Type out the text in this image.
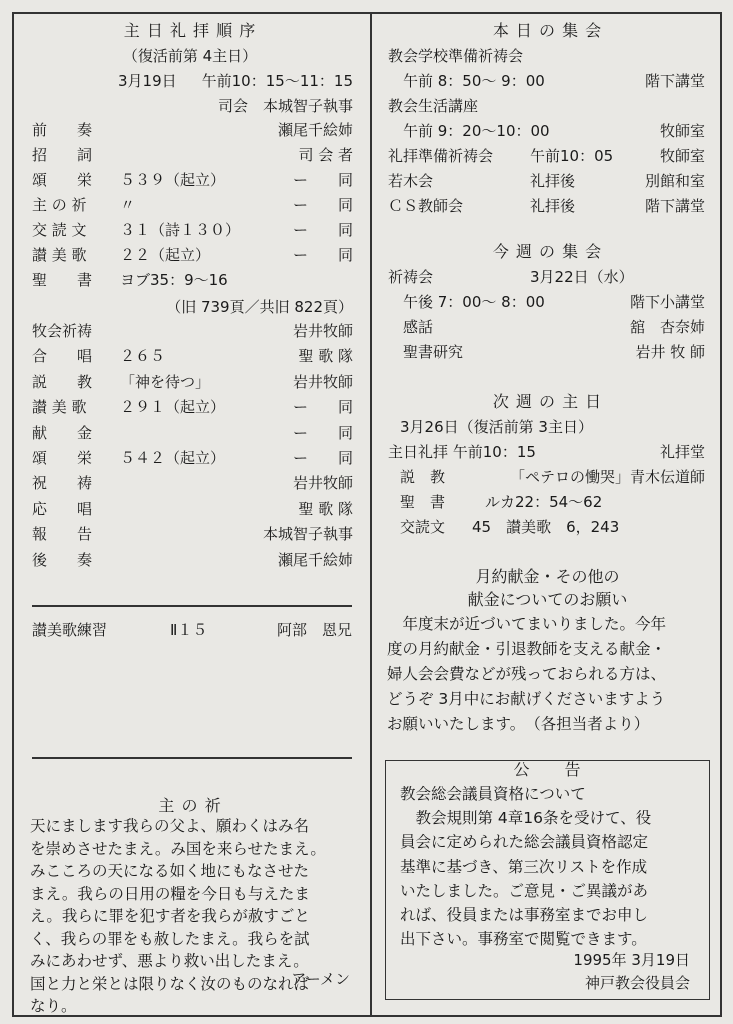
主 日 礼 拝 順 序
（復活前第 4主日）
3月19日	午前10：15〜11：15
司会　本城智子執事
前　　奏	瀬尾千絵姉
招　　詞	司 会 者
頌　　栄 ５３９（起立）	ー　　同
主 の 祈 〃	ー　　同
交 読 文 ３１（詩１３０）	ー　　同
讃 美 歌 ２２（起立）	ー　　同
聖　　書 ヨブ35：9〜16
（旧 739頁／共旧 822頁）
牧会祈祷	岩井牧師
合　　唱 ２６５	聖 歌 隊
説　　教 「神を待つ」	岩井牧師
讃 美 歌 ２９１（起立）	ー　　同
献　　金	ー　　同
頌　　栄 ５４２（起立）	ー　　同
祝　　祷	岩井牧師
応　　唱	聖 歌 隊
報　　告	本城智子執事
後　　奏	瀬尾千絵姉
讃美歌練習	Ⅱ１５	阿部　恩兄
主 の 祈
天にまします我らの父よ、願わくはみ名
を崇めさせたまえ。み国を来らせたまえ。
みこころの天になる如く地にもなさせた
まえ。我らの日用の糧を今日も与えたま
え。我らに罪を犯す者を我らが赦すごと
く、我らの罪をも赦したまえ。我らを試
みにあわせず、悪より救い出したまえ。
国と力と栄とは限りなく汝のものなれば
なり。
アーメン
本 日 の 集 会
教会学校準備祈祷会
　午前 8：50〜 9：00	階下講堂
教会生活講座
　午前 9：20〜10：00	牧師室
礼拝準備祈祷会 午前10：05	牧師室
若木会	礼拝後	別館和室
ＣＳ教師会	礼拝後	階下講堂
今 週 の 集 会
祈祷会	3月22日（水）
　午後 7：00〜 8：00	階下小講堂
　感話	舘　杏奈姉
　聖書研究	岩井 牧 師
次 週 の 主 日
3月26日（復活前第 3主日）
主日礼拝 午前10：15	礼拝堂
説　教	「ペテロの慟哭」青木伝道師
聖　書	ルカ22：54〜62
交読文 45　讃美歌　6，243
月約献金・その他の
献金についてのお願い
　年度末が近づいてまいりました。今年
度の月約献金・引退教師を支える献金・
婦人会会費などが残っておられる方は、
どうぞ 3月中にお献げくださいますよう
お願いいたします。　（各担当者より）
公　　告
教会総会議員資格について
　教会規則第 4章16条を受けて、役
員会に定められた総会議員資格認定
基準に基づき、第三次リストを作成
いたしました。ご意見・ご異議があ
れば、役員または事務室までお申し
出下さい。事務室で閲覧できます。
1995年 3月19日
神戸教会役員会
